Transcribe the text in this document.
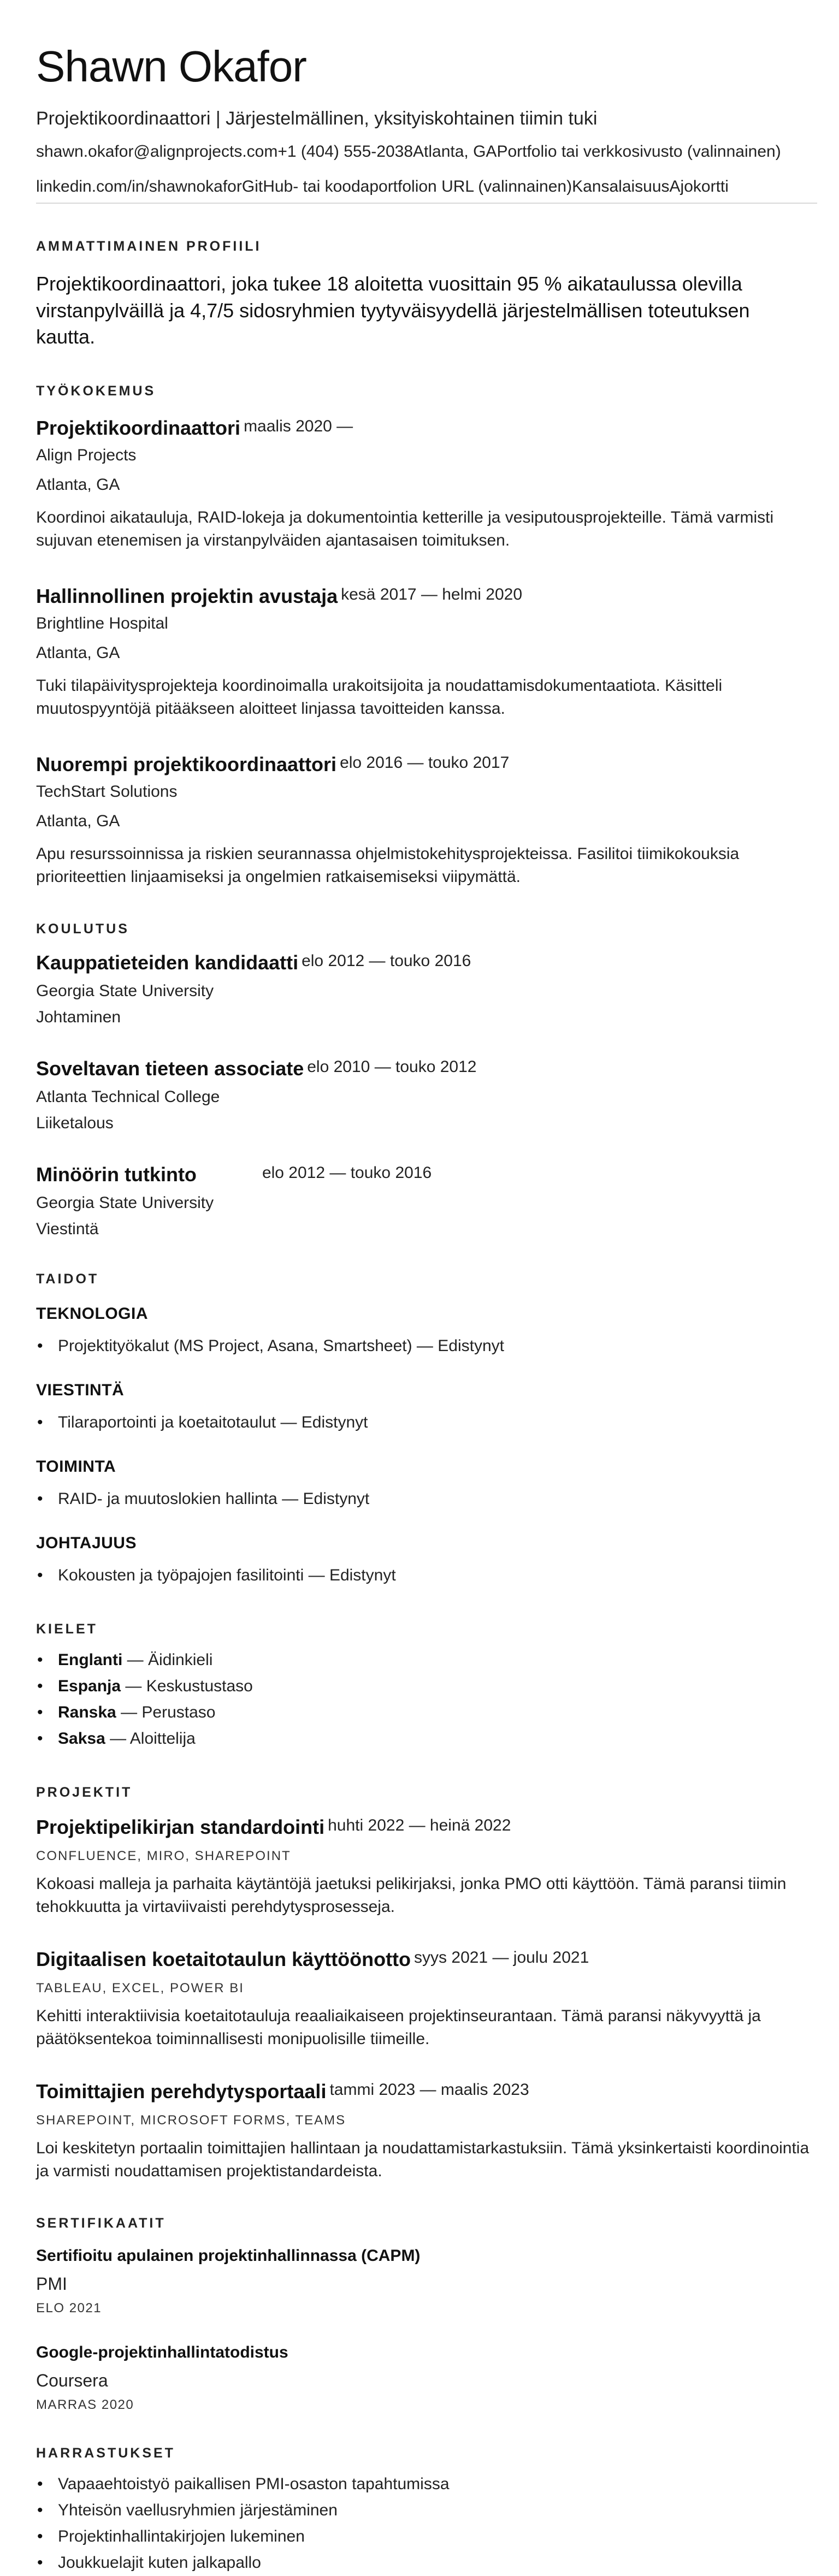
Shawn Okafor
Projektikoordinaattori | Järjestelmällinen, yksityiskohtainen tiimin tuki
shawn.okafor@alignprojects.com+1 (404) 555-2038Atlanta, GAPortfolio tai verkkosivusto (valinnainen)
linkedin.com/in/shawnokaforGitHub- tai koodaportfolion URL (valinnainen)KansalaisuusAjokortti
AMMATTIMAINEN PROFIILI
Projektikoordinaattori, joka tukee 18 aloitetta vuosittain 95 % aikataulussa olevilla virstanpylväillä ja 4,7/5 sidosryhmien tyytyväisyydellä järjestelmällisen toteutuksen kautta.
TYÖKOKEMUS
Projektikoordinaattori maalis 2020 —
Align Projects
Atlanta, GA
Koordinoi aikatauluja, RAID-lokeja ja dokumentointia ketterille ja vesiputousprojekteille. Tämä varmisti sujuvan etenemisen ja virstanpylväiden ajantasaisen toimituksen.
Hallinnollinen projektin avustaja kesä 2017 — helmi 2020
Brightline Hospital
Atlanta, GA
Tuki tilapäivitysprojekteja koordinoimalla urakoitsijoita ja noudattamisdokumentaatiota. Käsitteli muutospyyntöjä pitääkseen aloitteet linjassa tavoitteiden kanssa.
Nuorempi projektikoordinaattori elo 2016 — touko 2017
TechStart Solutions
Atlanta, GA
Apu resurssoinnissa ja riskien seurannassa ohjelmistokehitysprojekteissa. Fasilitoi tiimikokouksia prioriteettien linjaamiseksi ja ongelmien ratkaisemiseksi viipymättä.
KOULUTUS
Kauppatieteiden kandidaatti elo 2012 — touko 2016
Georgia State University
Johtaminen
Soveltavan tieteen associate elo 2010 — touko 2012
Atlanta Technical College
Liiketalous
Minöörin tutkinto	elo 2012 — touko 2016
Georgia State University
Viestintä
TAIDOT
TEKNOLOGIA
• Projektityökalut (MS Project, Asana, Smartsheet) — Edistynyt
VIESTINTÄ
• Tilaraportointi ja koetaitotaulut — Edistynyt
TOIMINTA
• RAID- ja muutoslokien hallinta — Edistynyt
JOHTAJUUS
• Kokousten ja työpajojen fasilitointi — Edistynyt
KIELET
• Englanti — Äidinkieli
• Espanja — Keskustustaso
• Ranska — Perustaso
• Saksa — Aloittelija
PROJEKTIT
Projektipelikirjan standardointi huhti 2022 — heinä 2022
CONFLUENCE, MIRO, SHAREPOINT
Kokoasi malleja ja parhaita käytäntöjä jaetuksi pelikirjaksi, jonka PMO otti käyttöön. Tämä paransi tiimin tehokkuutta ja virtaviivaisti perehdytysprosesseja.
Digitaalisen koetaitotaulun käyttöönotto syys 2021 — joulu 2021
TABLEAU, EXCEL, POWER BI
Kehitti interaktiivisia koetaitotauluja reaaliaikaiseen projektinseurantaan. Tämä paransi näkyvyyttä ja päätöksentekoa toiminnallisesti monipuolisille tiimeille.
Toimittajien perehdytysportaali tammi 2023 — maalis 2023
SHAREPOINT, MICROSOFT FORMS, TEAMS
Loi keskitetyn portaalin toimittajien hallintaan ja noudattamistarkastuksiin. Tämä yksinkertaisti koordinointia ja varmisti noudattamisen projektistandardeista.
SERTIFIKAATIT
Sertifioitu apulainen projektinhallinnassa (CAPM)
PMI
ELO 2021
Google-projektinhallintatodistus
Coursera
MARRAS 2020
HARRASTUKSET
• Vapaaehtoistyö paikallisen PMI-osaston tapahtumissa
• Yhteisön vaellusryhmien järjestäminen
• Projektinhallintakirjojen lukeminen
• Joukkuelajit kuten jalkapallo
